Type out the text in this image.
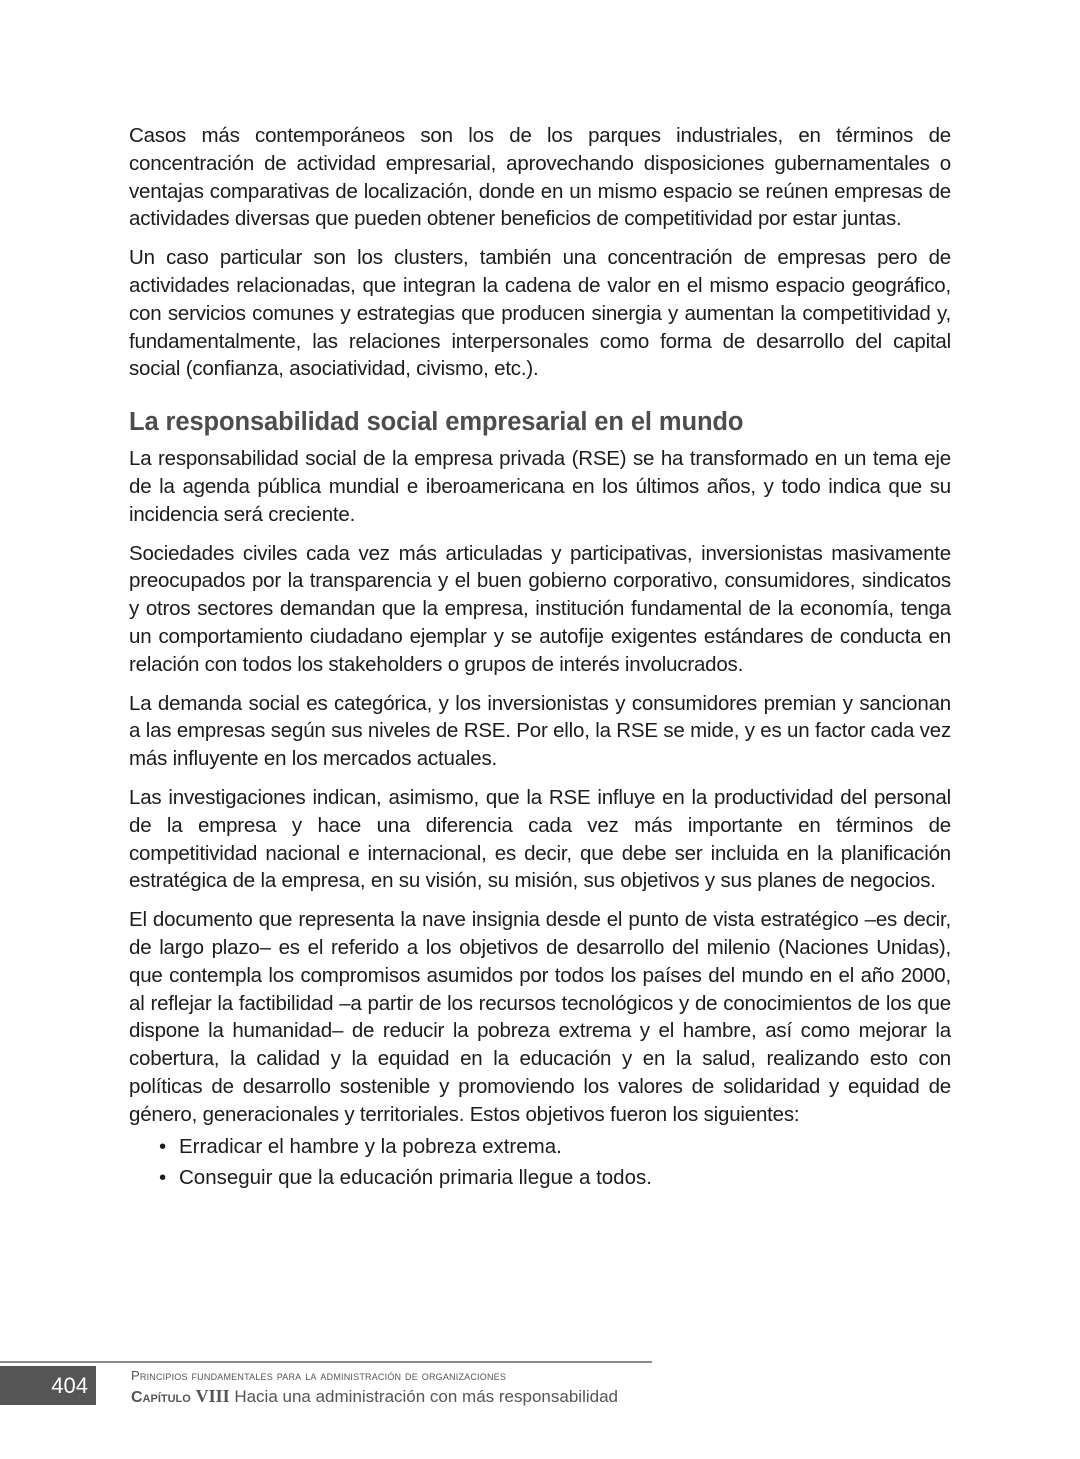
Casos más contemporáneos son los de los parques industriales, en términos de concentración de actividad empresarial, aprovechando disposiciones gubernamentales o ventajas comparativas de localización, donde en un mismo espacio se reúnen empresas de actividades diversas que pueden obtener beneficios de competitividad por estar juntas.

Un caso particular son los clusters, también una concentración de empresas pero de actividades relacionadas, que integran la cadena de valor en el mismo espacio geográfico, con servicios comunes y estrategias que producen sinergia y aumentan la competitividad y, fundamentalmente, las relaciones interpersonales como forma de desarrollo del capital social (confianza, asociatividad, civismo, etc.).

La responsabilidad social empresarial en el mundo

La responsabilidad social de la empresa privada (RSE) se ha transformado en un tema eje de la agenda pública mundial e iberoamericana en los últimos años, y todo indica que su incidencia será creciente.

Sociedades civiles cada vez más articuladas y participativas, inversionistas masivamente preocupados por la transparencia y el buen gobierno corporativo, consumidores, sindicatos y otros sectores demandan que la empresa, institución fundamental de la economía, tenga un comportamiento ciudadano ejemplar y se autofije exigentes estándares de conducta en relación con todos los stakeholders o grupos de interés involucrados.

La demanda social es categórica, y los inversionistas y consumidores premian y sancionan a las empresas según sus niveles de RSE. Por ello, la RSE se mide, y es un factor cada vez más influyente en los mercados actuales.

Las investigaciones indican, asimismo, que la RSE influye en la productividad del personal de la empresa y hace una diferencia cada vez más importante en términos de competitividad nacional e internacional, es decir, que debe ser incluida en la planificación estratégica de la empresa, en su visión, su misión, sus objetivos y sus planes de negocios.

El documento que representa la nave insignia desde el punto de vista estratégico –es decir, de largo plazo– es el referido a los objetivos de desarrollo del milenio (Naciones Unidas), que contempla los compromisos asumidos por todos los países del mundo en el año 2000, al reflejar la factibilidad –a partir de los recursos tecnológicos y de conocimientos de los que dispone la humanidad– de reducir la pobreza extrema y el hambre, así como mejorar la cobertura, la calidad y la equidad en la educación y en la salud, realizando esto con políticas de desarrollo sostenible y promoviendo los valores de solidaridad y equidad de género, generacionales y territoriales. Estos objetivos fueron los siguientes:

• Erradicar el hambre y la pobreza extrema.
• Conseguir que la educación primaria llegue a todos.
404	Principios fundamentales para la administración de organizaciones
Capítulo VIII Hacia una administración con más responsabilidad
